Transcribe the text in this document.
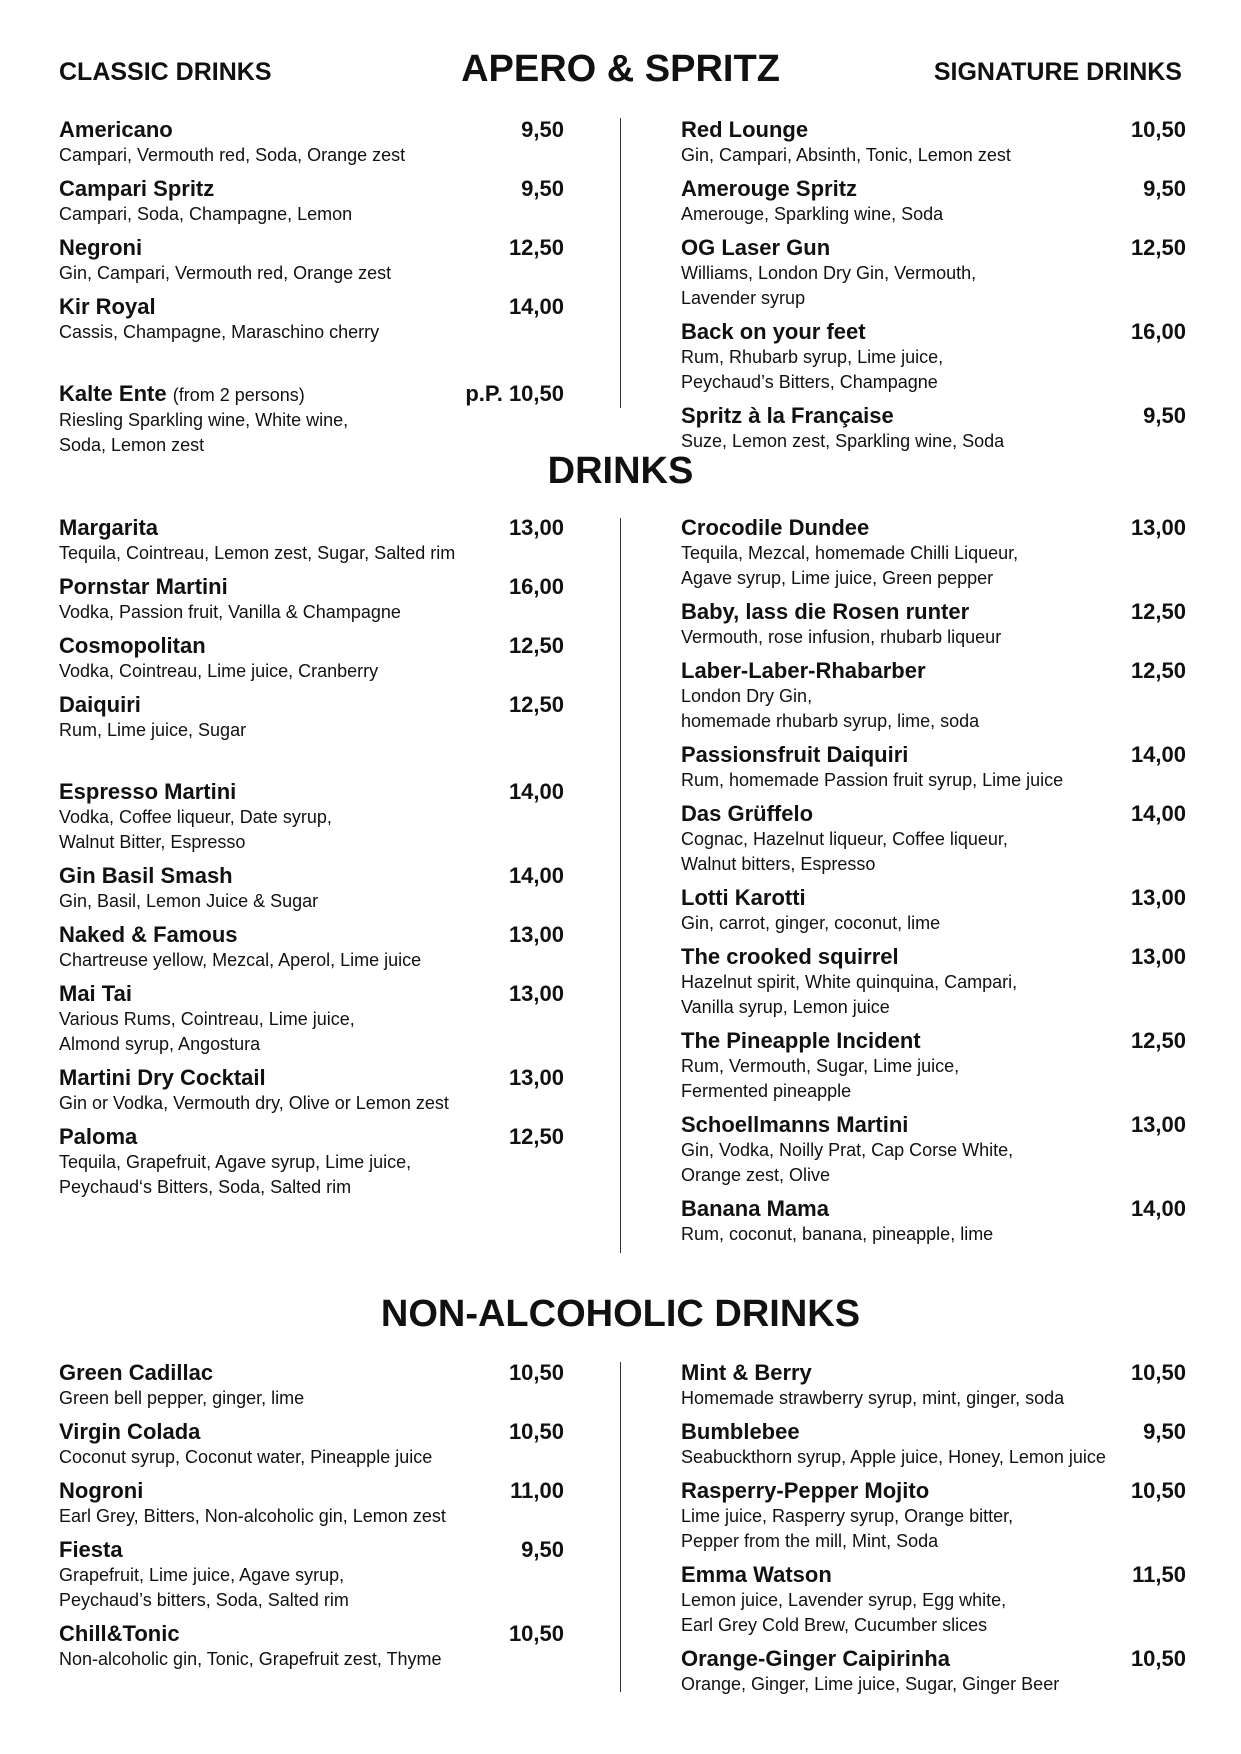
CLASSIC DRINKS	APERO & SPRITZ	SIGNATURE DRINKS
Americano	9,50
Campari, Vermouth red, Soda, Orange zest
Campari Spritz	9,50
Campari, Soda, Champagne, Lemon
Negroni	12,50
Gin, Campari, Vermouth red, Orange zest
Kir Royal	14,00
Cassis, Champagne, Maraschino cherry
Kalte Ente (from 2 persons)	p.P. 10,50
Riesling Sparkling wine, White wine,
Soda, Lemon zest
Red Lounge	10,50
Gin, Campari, Absinth, Tonic, Lemon zest
Amerouge Spritz	9,50
Amerouge, Sparkling wine, Soda
OG Laser Gun	12,50
Williams, London Dry Gin, Vermouth,
Lavender syrup
Back on your feet	16,00
Rum, Rhubarb syrup, Lime juice,
Peychaud’s Bitters, Champagne
Spritz à la Française	9,50
Suze, Lemon zest, Sparkling wine, Soda
DRINKS
Margarita	13,00
Tequila, Cointreau, Lemon zest, Sugar, Salted rim
Pornstar Martini	16,00
Vodka, Passion fruit, Vanilla & Champagne
Cosmopolitan	12,50
Vodka, Cointreau, Lime juice, Cranberry
Daiquiri	12,50
Rum, Lime juice, Sugar
Espresso Martini	14,00
Vodka, Coffee liqueur, Date syrup,
Walnut Bitter, Espresso
Gin Basil Smash	14,00
Gin, Basil, Lemon Juice & Sugar
Naked & Famous	13,00
Chartreuse yellow, Mezcal, Aperol, Lime juice
Mai Tai	13,00
Various Rums, Cointreau, Lime juice,
Almond syrup, Angostura
Martini Dry Cocktail	13,00
Gin or Vodka, Vermouth dry, Olive or Lemon zest
Paloma	12,50
Tequila, Grapefruit, Agave syrup, Lime juice,
Peychaud‘s Bitters, Soda, Salted rim
Crocodile Dundee	13,00
Tequila, Mezcal, homemade Chilli Liqueur,
Agave syrup, Lime juice, Green pepper
Baby, lass die Rosen runter	12,50
Vermouth, rose infusion, rhubarb liqueur
Laber-Laber-Rhabarber	12,50
London Dry Gin,
homemade rhubarb syrup, lime, soda
Passionsfruit Daiquiri	14,00
Rum, homemade Passion fruit syrup, Lime juice
Das Grüffelo	14,00
Cognac, Hazelnut liqueur, Coffee liqueur,
Walnut bitters, Espresso
Lotti Karotti	13,00
Gin, carrot, ginger, coconut, lime
The crooked squirrel	13,00
Hazelnut spirit, White quinquina, Campari,
Vanilla syrup, Lemon juice
The Pineapple Incident	12,50
Rum, Vermouth, Sugar, Lime juice,
Fermented pineapple
Schoellmanns Martini	13,00
Gin, Vodka, Noilly Prat, Cap Corse White,
Orange zest, Olive
Banana Mama	14,00
Rum, coconut, banana, pineapple, lime
NON-ALCOHOLIC DRINKS
Green Cadillac	10,50
Green bell pepper, ginger, lime
Virgin Colada	10,50
Coconut syrup, Coconut water, Pineapple juice
Nogroni	11,00
Earl Grey, Bitters, Non-alcoholic gin, Lemon zest
Fiesta	9,50
Grapefruit, Lime juice, Agave syrup,
Peychaud’s bitters, Soda, Salted rim
Chill&Tonic	10,50
Non-alcoholic gin, Tonic, Grapefruit zest, Thyme
Mint & Berry	10,50
Homemade strawberry syrup, mint, ginger, soda
Bumblebee	9,50
Seabuckthorn syrup, Apple juice, Honey, Lemon juice
Rasperry-Pepper Mojito	10,50
Lime juice, Rasperry syrup, Orange bitter,
Pepper from the mill, Mint, Soda
Emma Watson	11,50
Lemon juice, Lavender syrup, Egg white,
Earl Grey Cold Brew, Cucumber slices
Orange-Ginger Caipirinha	10,50
Orange, Ginger, Lime juice, Sugar, Ginger Beer
